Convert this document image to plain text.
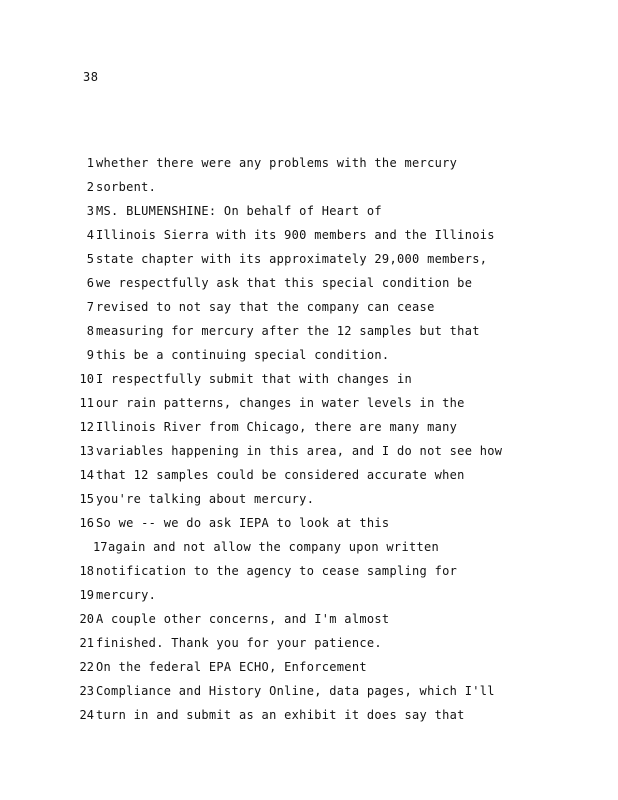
38
1 whether there were any problems with the mercury
2 sorbent.
3 MS. BLUMENSHINE: On behalf of Heart of
4 Illinois Sierra with its 900 members and the Illinois
5 state chapter with its approximately 29,000 members,
6 we respectfully ask that this special condition be
7 revised to not say that the company can cease
8 measuring for mercury after the 12 samples but that
9 this be a continuing special condition.
10 I respectfully submit that with changes in
11 our rain patterns, changes in water levels in the
12 Illinois River from Chicago, there are many many
13 variables happening in this area, and I do not see how
14 that 12 samples could be considered accurate when
15 you're talking about mercury.
16 So we -- we do ask IEPA to look at this
17 again and not allow the company upon written
18 notification to the agency to cease sampling for
19 mercury.
20 A couple other concerns, and I'm almost
21 finished. Thank you for your patience.
22 On the federal EPA ECHO, Enforcement
23 Compliance and History Online, data pages, which I'll
24 turn in and submit as an exhibit it does say that
